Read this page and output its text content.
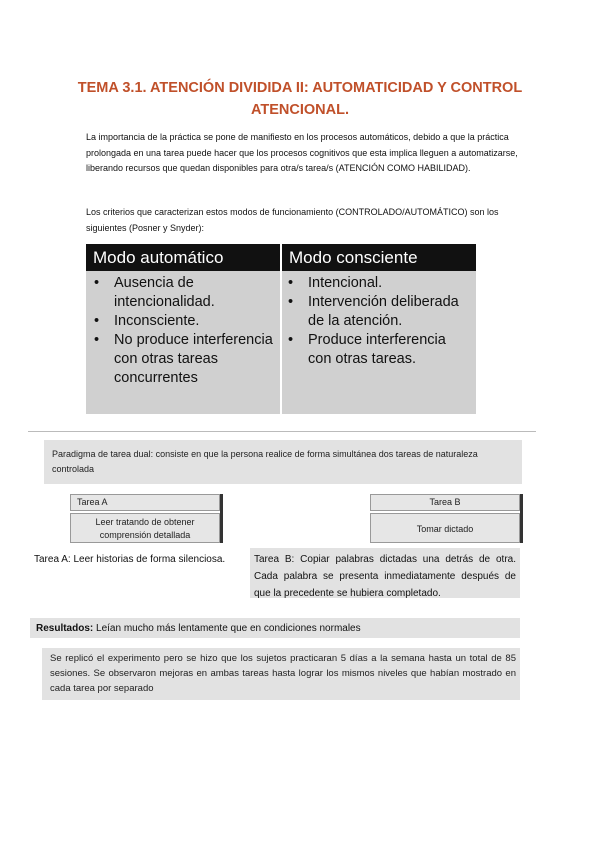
TEMA 3.1. ATENCIÓN DIVIDIDA II: AUTOMATICIDAD Y CONTROL
ATENCIONAL.
La importancia de la práctica se pone de manifiesto en los procesos automáticos, debido a que la práctica prolongada en una tarea puede hacer que los procesos cognitivos que esta implica lleguen a automatizarse, liberando recursos que quedan disponibles para otra/s tarea/s (ATENCIÓN COMO HABILIDAD).
Los criterios que caracterizan estos modos de funcionamiento (CONTROLADO/AUTOMÁTICO) son los siguientes (Posner y Snyder):
Modo automático	Modo consciente
• Ausencia de intencionalidad.
• Inconsciente.
• No produce interferencia con otras tareas concurrentes
• Intencional.
• Intervención deliberada de la atención.
• Produce interferencia con otras tareas.
Paradigma de tarea dual: consiste en que la persona realice de forma simultánea dos tareas de naturaleza controlada
Tarea A
Leer tratando de obtener comprensión detallada
Tarea B
Tomar dictado
Tarea A: Leer historias de forma silenciosa.	Tarea B: Copiar palabras dictadas una detrás de otra. Cada palabra se presenta inmediatamente después de que la precedente se hubiera completado.
Resultados: Leían mucho más lentamente que en condiciones normales
Se replicó el experimento pero se hizo que los sujetos practicaran 5 días a la semana hasta un total de 85 sesiones. Se observaron mejoras en ambas tareas hasta lograr los mismos niveles que habían mostrado en cada tarea por separado
